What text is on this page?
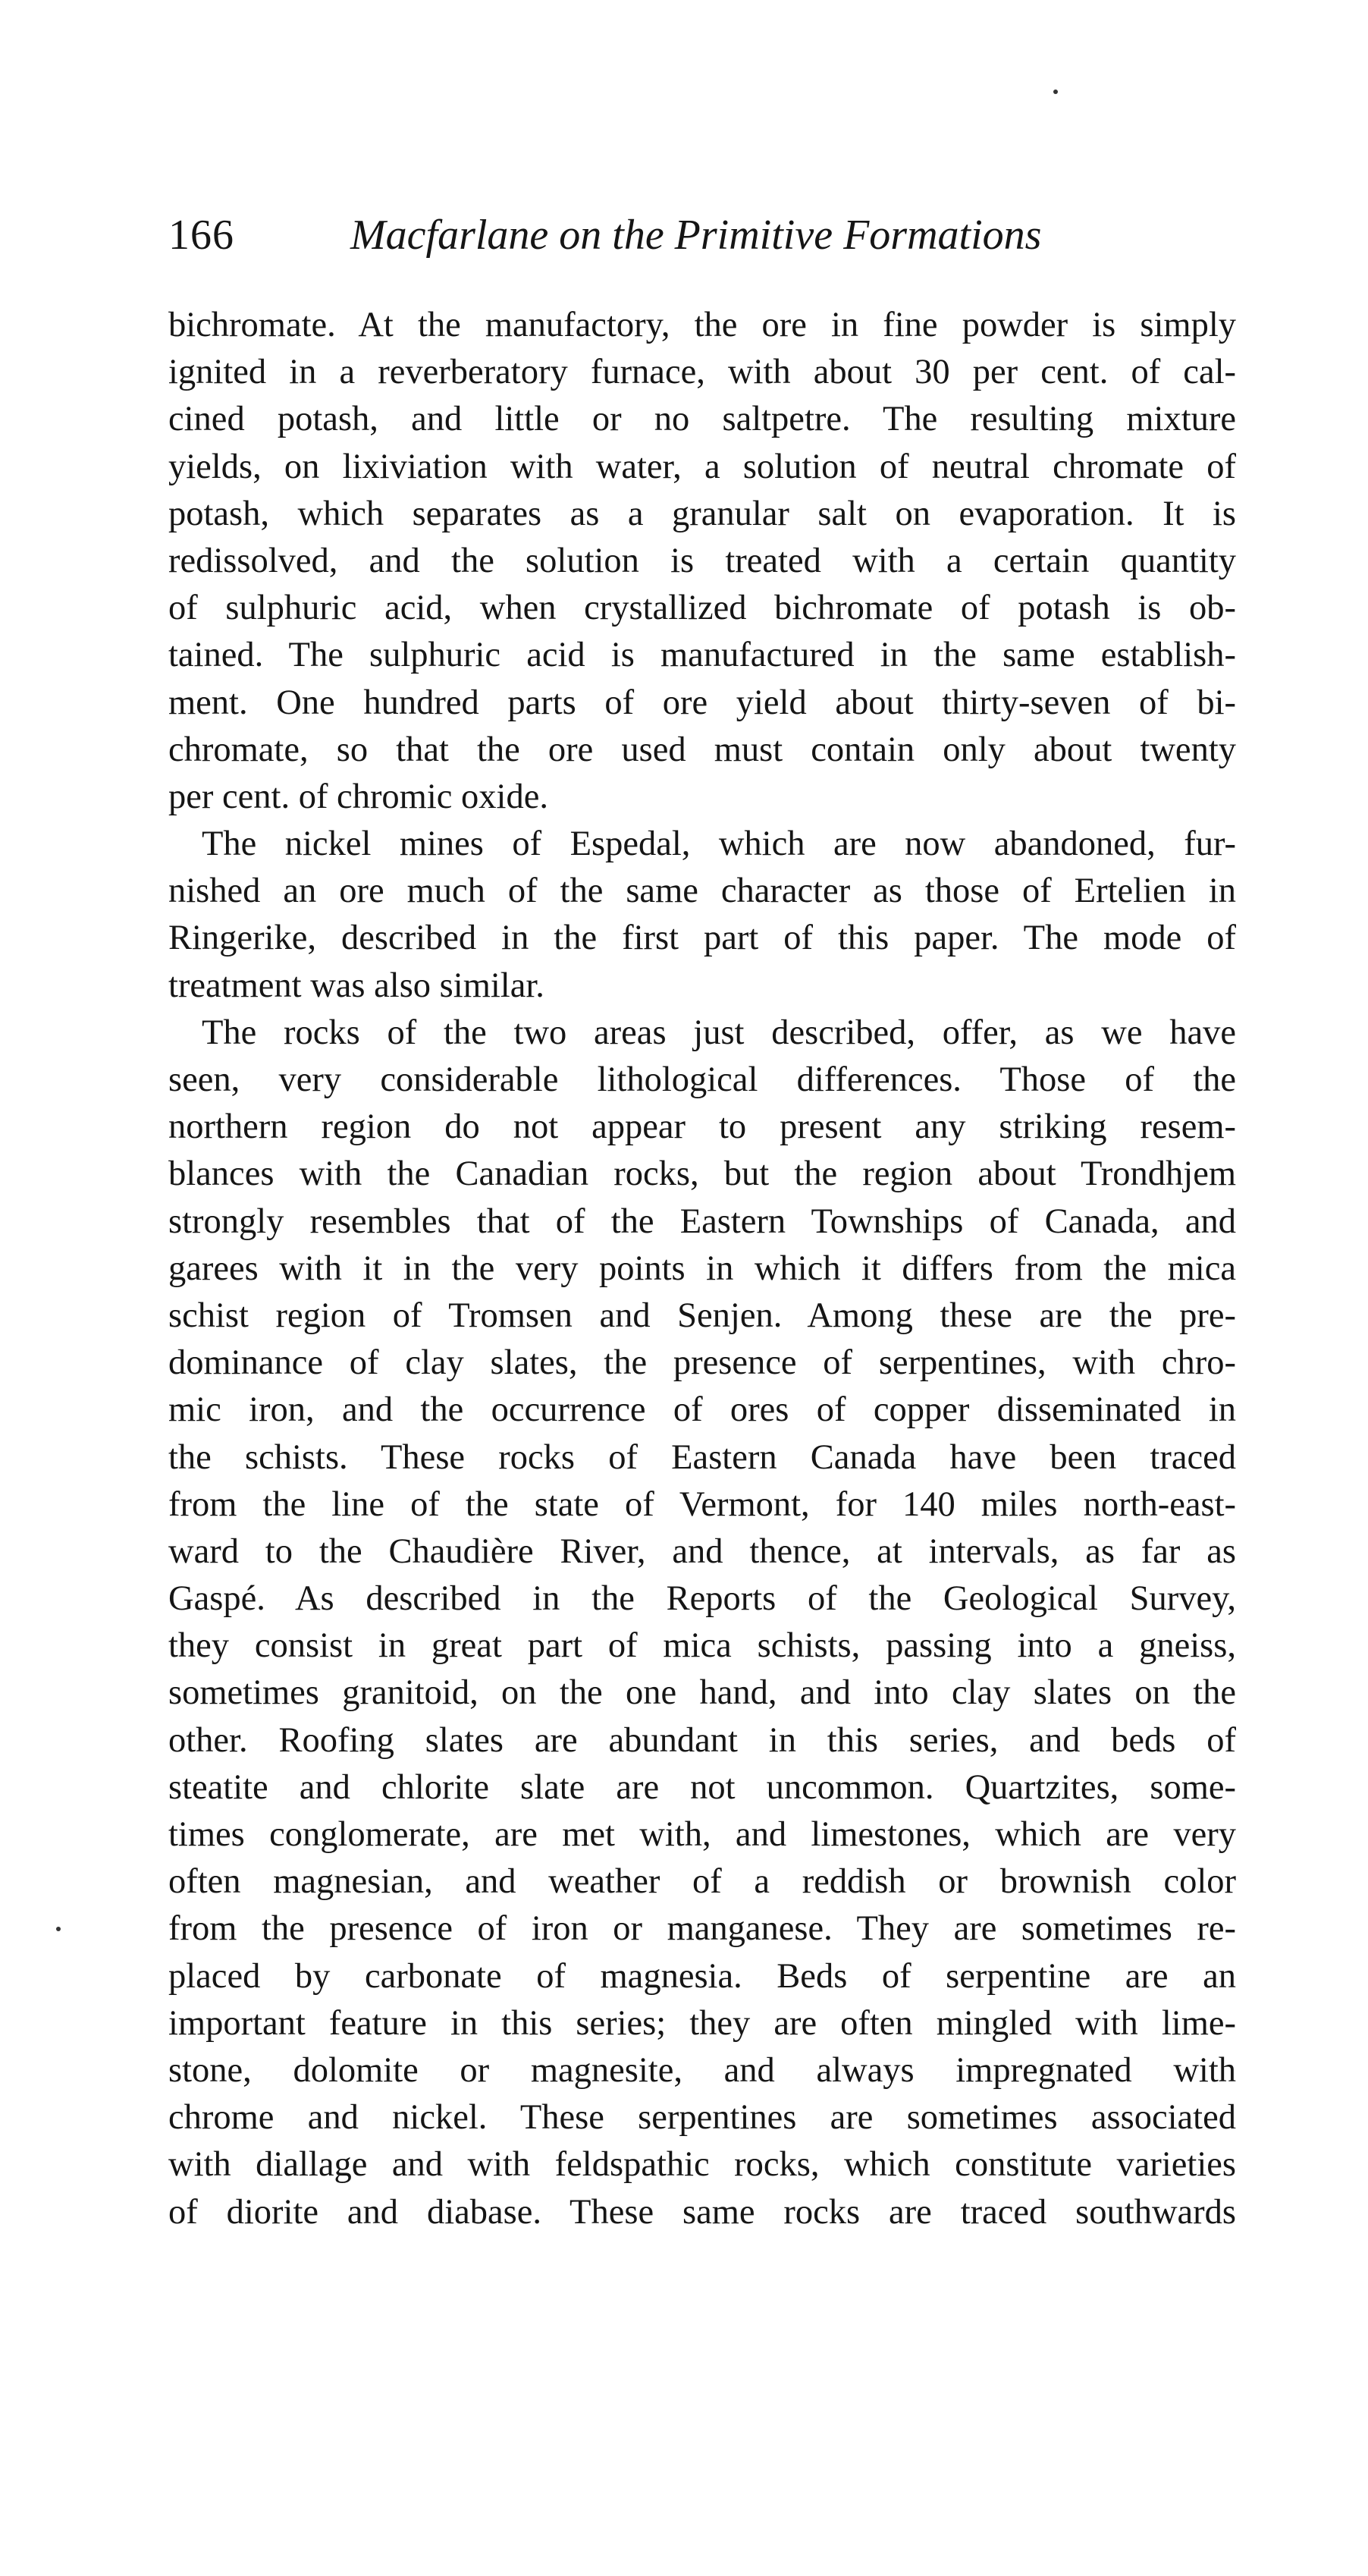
166	Macfarlane on the Primitive Formations
bichromate. At the manufactory, the ore in fine powder is simply
ignited in a reverberatory furnace, with about 30 per cent. of cal-
cined potash, and little or no saltpetre. The resulting mixture
yields, on lixiviation with water, a solution of neutral chromate of
potash, which separates as a granular salt on evaporation. It is
redissolved, and the solution is treated with a certain quantity
of sulphuric acid, when crystallized bichromate of potash is ob-
tained. The sulphuric acid is manufactured in the same establish-
ment. One hundred parts of ore yield about thirty-seven of bi-
chromate, so that the ore used must contain only about twenty
per cent. of chromic oxide.
The nickel mines of Espedal, which are now abandoned, fur-
nished an ore much of the same character as those of Ertelien in
Ringerike, described in the first part of this paper. The mode of
treatment was also similar.
The rocks of the two areas just described, offer, as we have
seen, very considerable lithological differences. Those of the
northern region do not appear to present any striking resem-
blances with the Canadian rocks, but the region about Trondhjem
strongly resembles that of the Eastern Townships of Canada, and
garees with it in the very points in which it differs from the mica
schist region of Tromsen and Senjen. Among these are the pre-
dominance of clay slates, the presence of serpentines, with chro-
mic iron, and the occurrence of ores of copper disseminated in
the schists. These rocks of Eastern Canada have been traced
from the line of the state of Vermont, for 140 miles north-east-
ward to the Chaudière River, and thence, at intervals, as far as
Gaspé. As described in the Reports of the Geological Survey,
they consist in great part of mica schists, passing into a gneiss,
sometimes granitoid, on the one hand, and into clay slates on the
other. Roofing slates are abundant in this series, and beds of
steatite and chlorite slate are not uncommon. Quartzites, some-
times conglomerate, are met with, and limestones, which are very
often magnesian, and weather of a reddish or brownish color
from the presence of iron or manganese. They are sometimes re-
placed by carbonate of magnesia. Beds of serpentine are an
important feature in this series; they are often mingled with lime-
stone, dolomite or magnesite, and always impregnated with
chrome and nickel. These serpentines are sometimes associated
with diallage and with feldspathic rocks, which constitute varieties
of diorite and diabase. These same rocks are traced southwards
